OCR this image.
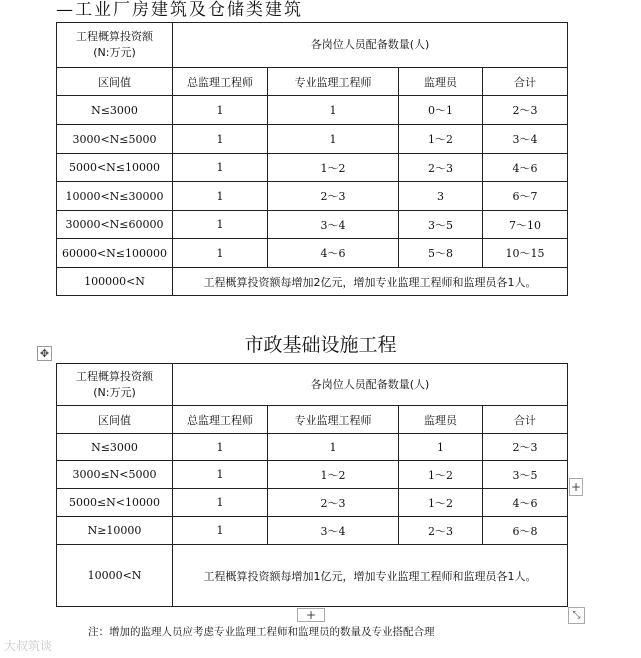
—工业厂房建筑及仓储类建筑
工程概算投资额
(N:万元)	各岗位人员配备数量(人)			
区间值	总监理工程师	专业监理工程师	监理员	合计
N≤3000	1	1	0～1	2～3
3000<N≤5000	1	1	1～2	3～4
5000<N≤10000	1	1～2	2～3	4～6
10000<N≤30000	1	2～3	3	6～7
30000<N≤60000	1	3～4	3～5	7～10
60000<N≤100000	1	4～6	5～8	10～15
100000<N	工程概算投资额每增加2亿元，增加专业监理工程师和监理员各1人。			
✥	市政基础设施工程
工程概算投资额
(N:万元)	各岗位人员配备数量(人)			
区间值	总监理工程师	专业监理工程师	监理员	合计
N≤3000	1	1	1	2～3
3000≤N<5000	1	1～2	1～2	3～5
5000≤N<10000	1	2～3	1～2	4～6
N≥10000	1	3～4	2～3	6～8
10000<N	工程概算投资额每增加1亿元，增加专业监理工程师和监理员各1人。			
+
+	⤡
注：增加的监理人员应考虑专业监理工程师和监理员的数量及专业搭配合理
大叔筑谈
